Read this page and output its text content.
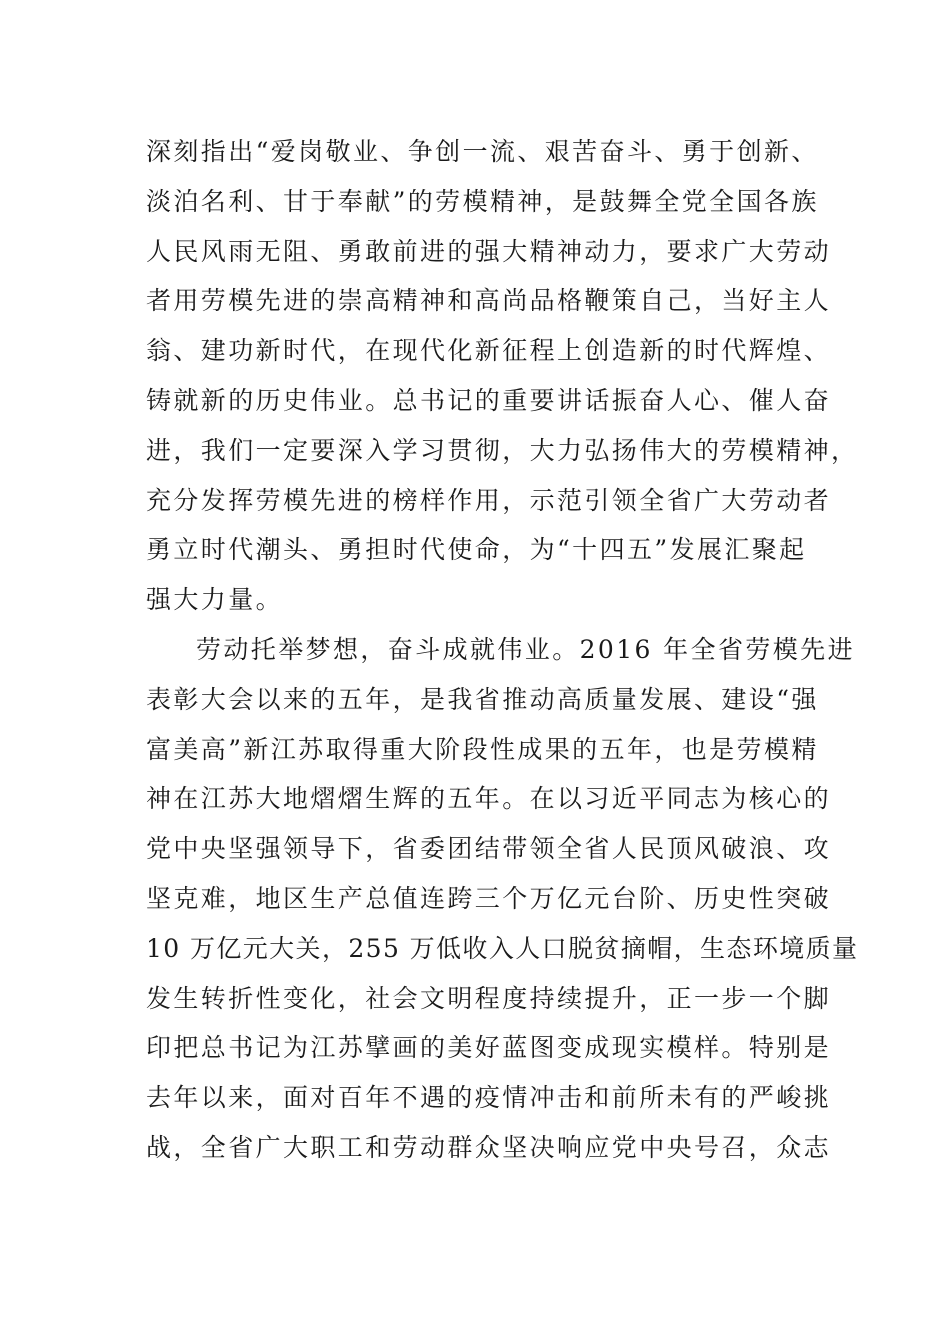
深刻指出“爱岗敬业、争创一流、艰苦奋斗、勇于创新、
淡泊名利、甘于奉献”的劳模精神，是鼓舞全党全国各族
人民风雨无阻、勇敢前进的强大精神动力，要求广大劳动
者用劳模先进的崇高精神和高尚品格鞭策自己，当好主人
翁、建功新时代，在现代化新征程上创造新的时代辉煌、
铸就新的历史伟业。总书记的重要讲话振奋人心、催人奋
进，我们一定要深入学习贯彻，大力弘扬伟大的劳模精神，
充分发挥劳模先进的榜样作用，示范引领全省广大劳动者
勇立时代潮头、勇担时代使命，为“十四五”发展汇聚起
强大力量。
劳动托举梦想，奋斗成就伟业。2016 年全省劳模先进
表彰大会以来的五年，是我省推动高质量发展、建设“强
富美高”新江苏取得重大阶段性成果的五年，也是劳模精
神在江苏大地熠熠生辉的五年。在以习近平同志为核心的
党中央坚强领导下，省委团结带领全省人民顶风破浪、攻
坚克难，地区生产总值连跨三个万亿元台阶、历史性突破
10 万亿元大关，255 万低收入人口脱贫摘帽，生态环境质量
发生转折性变化，社会文明程度持续提升，正一步一个脚
印把总书记为江苏擘画的美好蓝图变成现实模样。特别是
去年以来，面对百年不遇的疫情冲击和前所未有的严峻挑
战，全省广大职工和劳动群众坚决响应党中央号召，众志
